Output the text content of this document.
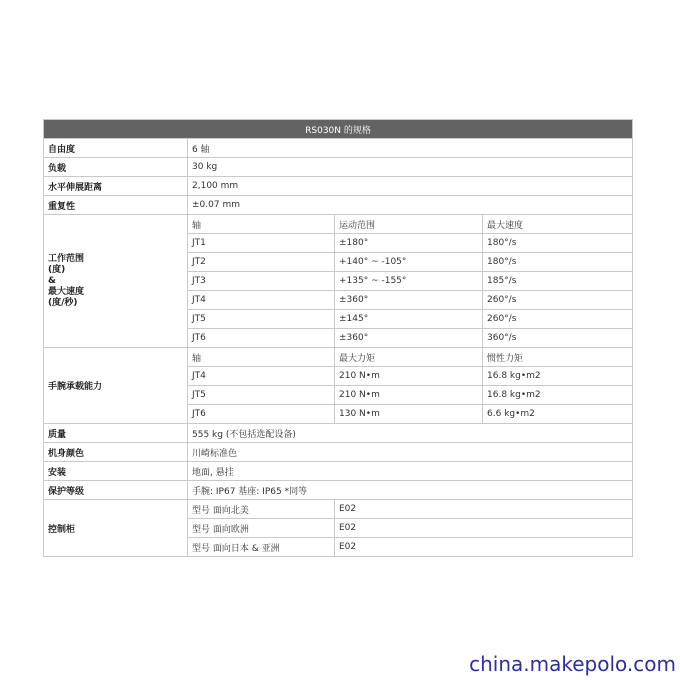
RS030N 的规格			
自由度	6 轴		
负载	30 kg		
水平伸展距离	2,100 mm		
重复性	±0.07 mm		
工作范围
(度)
&
最大速度
(度/秒)	轴	运动范围	最大速度
	JT1	±180°	180°/s
	JT2	+140° ~ -105°	180°/s
	JT3	+135° ~ -155°	185°/s
	JT4	±360°	260°/s
	JT5	±145°	260°/s
	JT6	±360°	360°/s
手腕承载能力	轴	最大力矩	惯性力矩
	JT4	210 N•m	16.8 kg•m2
	JT5	210 N•m	16.8 kg•m2
	JT6	130 N•m	6.6 kg•m2
质量	555 kg (不包括选配设备)		
机身颜色	川崎标准色		
安装	地面, 悬挂		
保护等级	手腕: IP67 基座: IP65 *同等		
控制柜	型号 面向北美	E02	
	型号 面向欧洲	E02	
	型号 面向日本 & 亚洲	E02	
china.makepolo.com
